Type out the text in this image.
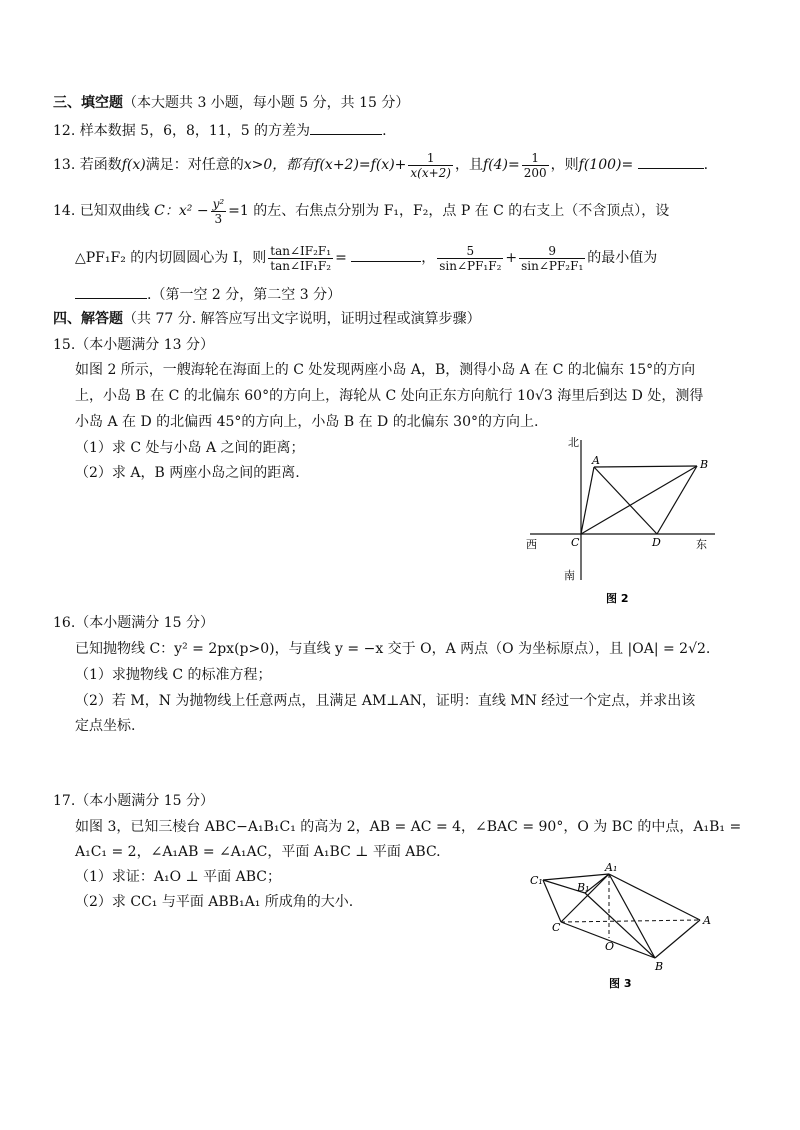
三、填空题（本大题共 3 小题，每小题 5 分，共 15 分）
12. 样本数据 5，6，8，11，5 的方差为	.
13. 若函数f(x)满足：对任意的x>0，都有$f(x+2)=f(x)+ \frac{1}{x(x+2)}$ ，且$f(4)= \frac{1}{200}$ ，则f(100)=	.
14. 已知双曲线 C：$x^2 - \frac{\text{y²}}{3} =1$ 的左、右焦点分别为 F₁，F₂，点 P 在 C 的右支上（不含顶点），设
△PF₁F₂ 的内切圆圆心为 I，则 $\frac{\text{tan∠IF₂F₁}}{\text{tan∠IF₁F₂}}$ =	， $\frac{5}{\text{sin∠PF₁F₂}} + \frac{9}{\text{sin∠PF₂F₁}}$ 的最小值为
.（第一空 2 分，第二空 3 分）
四、解答题（共 77 分. 解答应写出文字说明，证明过程或演算步骤）
15.（本小题满分 13 分）
如图 2 所示，一艘海轮在海面上的 C 处发现两座小岛 A，B，测得小岛 A 在 C 的北偏东 15°的方向
上，小岛 B 在 C 的北偏东 60°的方向上，海轮从 C 处向正东方向航行 10√3 海里后到达 D 处，测得
小岛 A 在 D 的北偏西 45°的方向上，小岛 B 在 D 的北偏东 30°的方向上.
（1）求 C 处与小岛 A 之间的距离；
（2）求 A，B 两座小岛之间的距离.
北
南
西	东
A	B
C	D
图 2
16.（本小题满分 15 分）
已知抛物线 C：y² = 2px(p>0)，与直线 y = −x 交于 O，A 两点（O 为坐标原点），且 |OA| = 2√2.
（1）求抛物线 C 的标准方程；
（2）若 M，N 为抛物线上任意两点，且满足 AM⊥AN，证明：直线 MN 经过一个定点，并求出该
定点坐标.
17.（本小题满分 15 分）
如图 3，已知三棱台 ABC−A₁B₁C₁ 的高为 2，AB = AC = 4，∠BAC = 90°，O 为 BC 的中点，A₁B₁ =
A₁C₁ = 2，∠A₁AB = ∠A₁AC，平面 A₁BC ⊥ 平面 ABC.
（1）求证：A₁O ⊥ 平面 ABC；
（2）求 CC₁ 与平面 ABB₁A₁ 所成角的大小.
C₁
B₁
A₁
A
B
C
O
图 3
